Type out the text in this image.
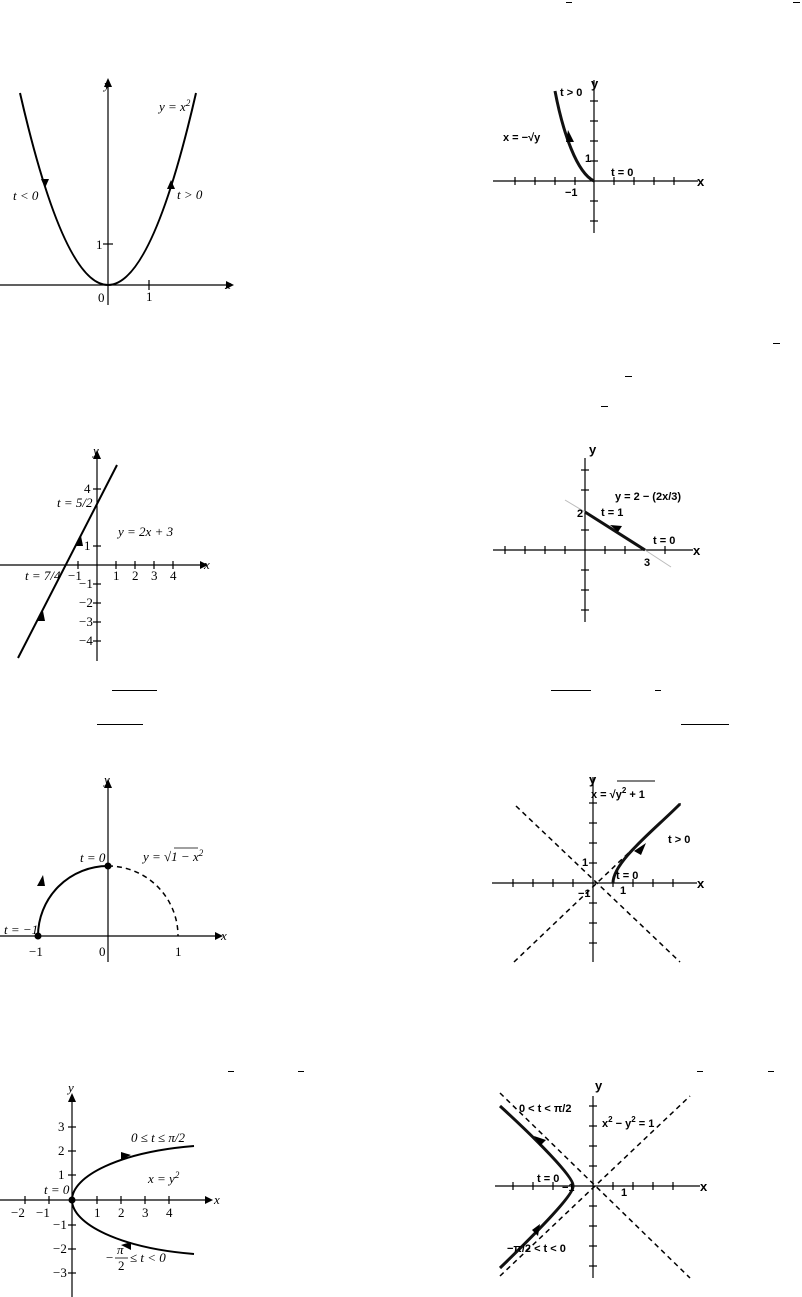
y
x
0	1
1
$y = x^2$
t < 0	t > 0
y
x
t > 0
x = −√y
t = 0
1
−1
y
x
−1 1 2 3 4
4
1
−1
−2
−3
−4
t = 5/2
t = 7/4
y = 2x + 3
y
x
y = 2 − (2x/3)
t = 1
t = 0
3
2
y
x
−1	0	1
t = 0
t = −1
$y = √1 - x^2$
y
x
$x = √y^2 + 1$
t > 0
t = 0
1
1
−1
y
x
−2 −1	1 2 3 4
3
2
1
−1
−2
−3
t = 0
0 ≤ t ≤ π/2
$x = y^2$
−
π
2
≤ t < 0
y
x
0 < t < π/2
$x^2 - y^2 = 1$
t = 0
−1	1
−π/2 < t < 0
